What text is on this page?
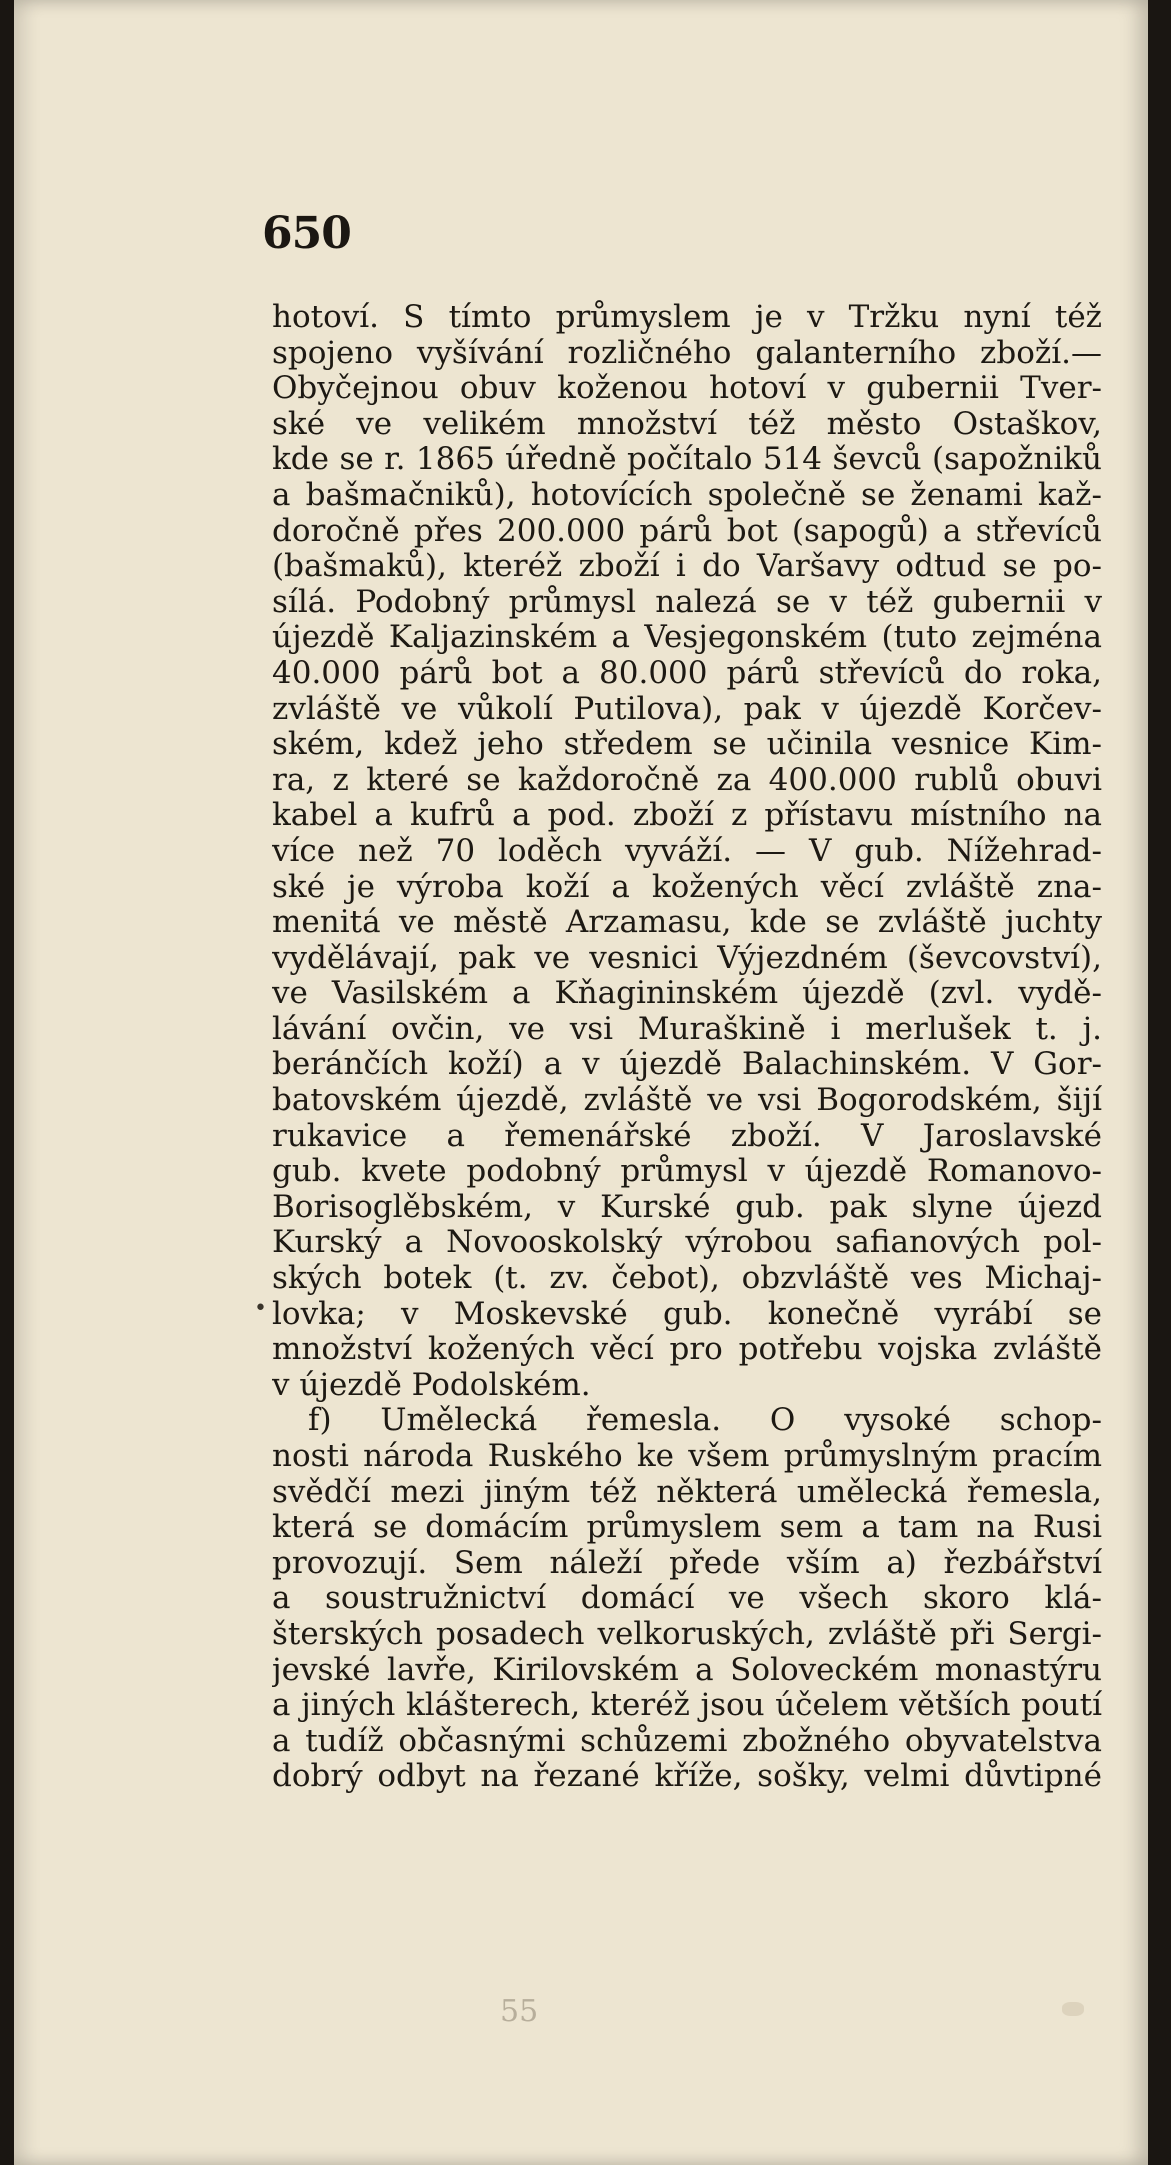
650
•
hotoví. S tímto průmyslem je v Tržku nyní též
spojeno vyšívání rozličného galanterního zboží.—
Obyčejnou obuv koženou hotoví v gubernii Tver-
ské ve velikém množství též město Ostaškov,
kde se r. 1865 úředně počítalo 514 ševců (sapožniků
a bašmačniků), hotovících společně se ženami kaž-
doročně přes 200.000 párů bot (sapogů) a střevíců
(bašmaků), kteréž zboží i do Varšavy odtud se po-
sílá. Podobný průmysl nalezá se v též gubernii v
újezdě Kaljazinském a Vesjegonském (tuto zejména
40.000 párů bot a 80.000 párů střevíců do roka,
zvláště ve vůkolí Putilova), pak v újezdě Korčev-
ském, kdež jeho středem se učinila vesnice Kim-
ra, z které se každoročně za 400.000 rublů obuvi
kabel a kufrů a pod. zboží z přístavu místního na
více než 70 loděch vyváží. — V gub. Nížehrad-
ské je výroba koží a kožených věcí zvláště zna-
menitá ve městě Arzamasu, kde se zvláště juchty
vydělávají, pak ve vesnici Výjezdném (ševcovství),
ve Vasilském a Kňagininském újezdě (zvl. vydě-
lávání ovčin, ve vsi Muraškině i merlušek t. j.
beránčích koží) a v újezdě Balachinském. V Gor-
batovském újezdě, zvláště ve vsi Bogorodském, šijí
rukavice a řemenářské zboží. V Jaroslavské
gub. kvete podobný průmysl v újezdě Romanovo-
Borisoglěbském, v Kurské gub. pak slyne újezd
Kurský a Novooskolský výrobou safianových pol-
ských botek (t. zv. čebot), obzvláště ves Michaj-
lovka; v Moskevské gub. konečně vyrábí se
množství kožených věcí pro potřebu vojska zvláště
v újezdě Podolském.
f) Umělecká řemesla. O vysoké schop-
nosti národa Ruského ke všem průmyslným pracím
svědčí mezi jiným též některá umělecká řemesla,
která se domácím průmyslem sem a tam na Rusi
provozují. Sem náleží přede vším a) řezbářství
a soustružnictví domácí ve všech skoro klá-
šterských posadech velkoruských, zvláště při Sergi-
jevské lavře, Kirilovském a Soloveckém monastýru
a jiných klášterech, kteréž jsou účelem větších poutí
a tudíž občasnými schůzemi zbožného obyvatelstva
dobrý odbyt na řezané kříže, sošky, velmi důvtipné
55
